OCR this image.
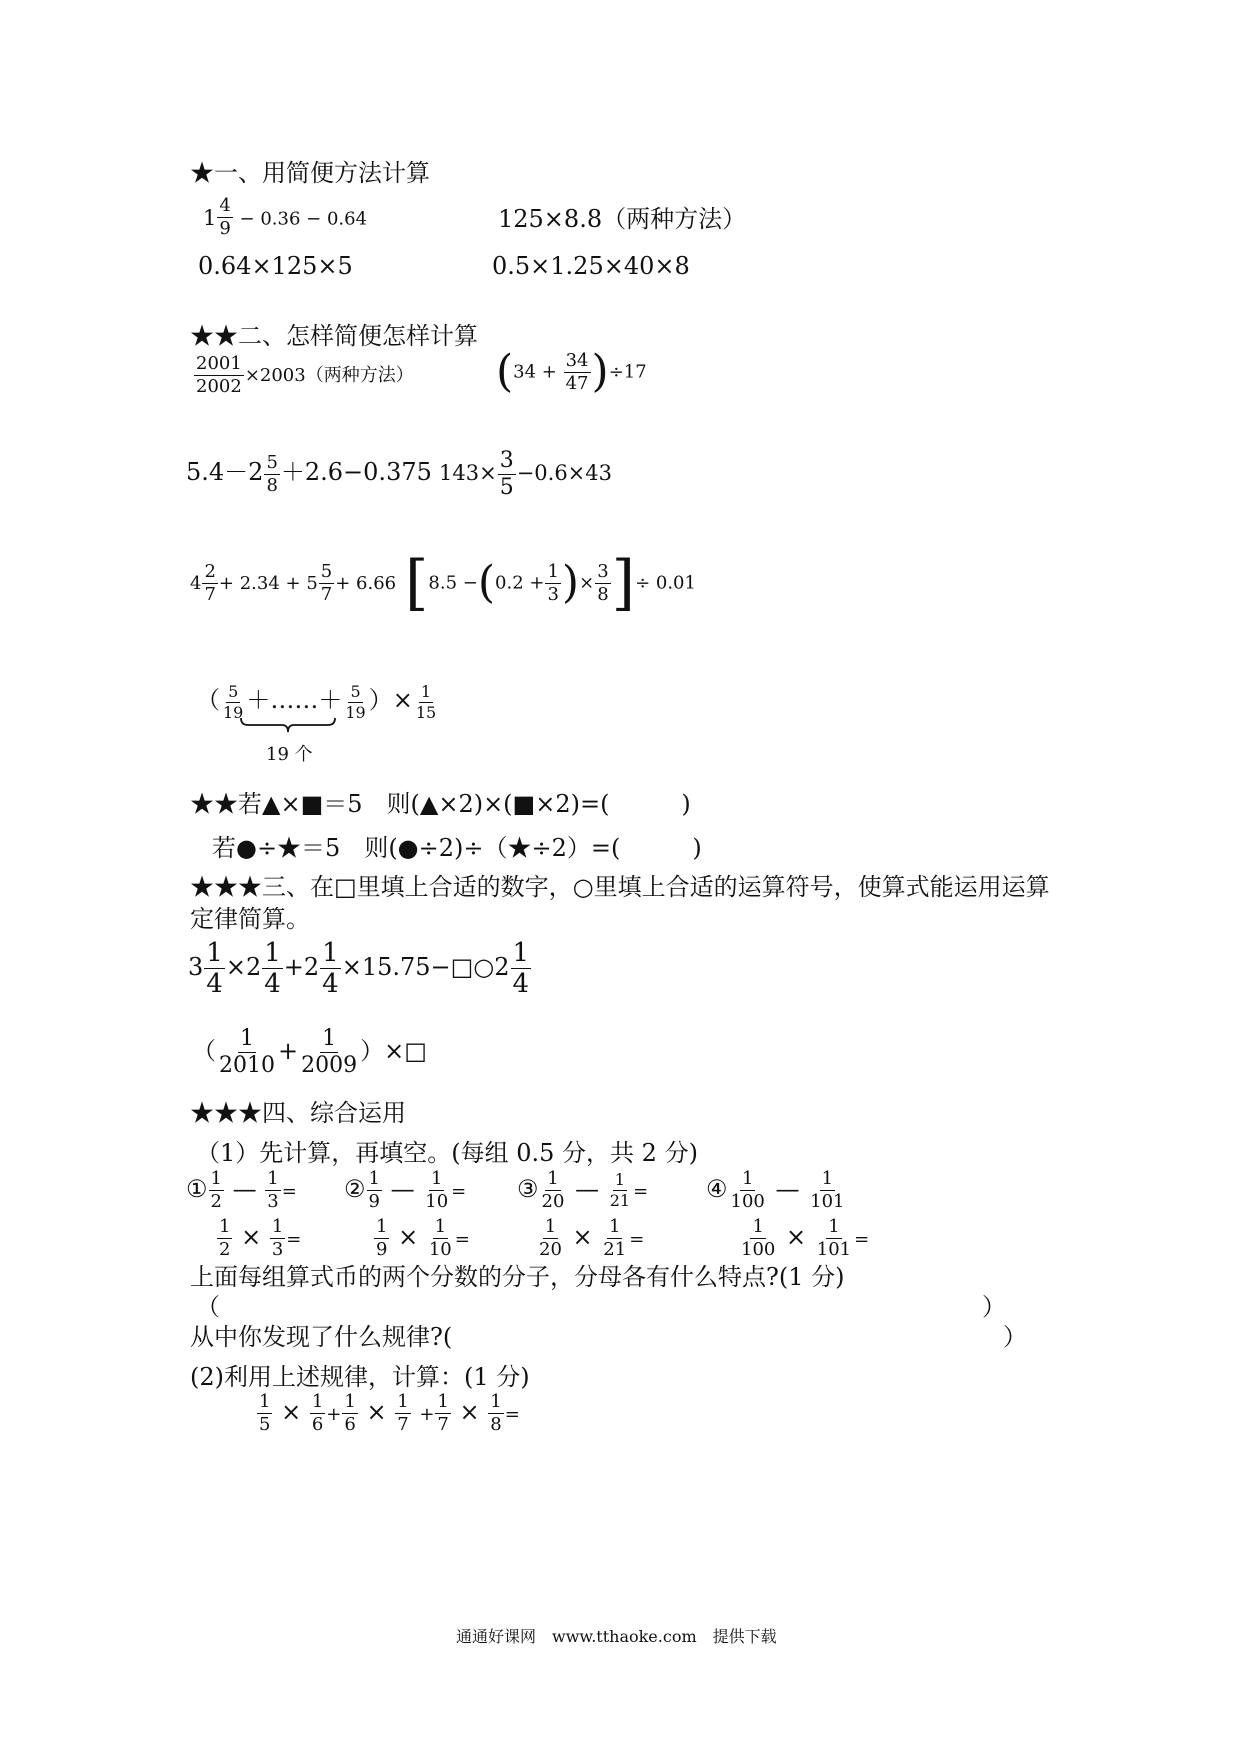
★一、用简便方法计算
$1 \frac{4}{9} - 0.36 - 0.64$	125×8.8（两种方法）
0.64×125×5	0.5×1.25×40×8
★★二、怎样简便怎样计算
$\frac{2001}{2002} \times 2003$（两种方法） $(34 + \frac{34}{47} )\div 17$
$5.4-2 \frac{5}{8} +2.6-0.375$ $143\times \frac{3}{5} -0.6\times 43$
$4 \frac{2}{7} + 2.34 + 5 \frac{5}{7} + 6.66$ [$8.5 -(0.2 + \frac{1}{3}$ )× $\frac{3}{8}$ ]÷ 0.01
（ $\frac{5}{19}$ ＋……＋ $\frac{5}{19}$ ）× $\frac{1}{15}$
19 个
★★若▲×■＝5　则(▲×2)×(■×2)=(　　　)
若●÷★＝5　则(●÷2)÷（★÷2）=(　　　)
★★★三、在□里填上合适的数字，○里填上合适的运算符号，使算式能运用运算
定律简算。
$3 \frac{1}{4} \times 2 \frac{1}{4} +2 \frac{1}{4}$ ×15.75−□○2 $\frac{1}{4}$
（ $\frac{1}{2010} + \frac{1}{2009}$ ）×□
★★★四、综合运用
（1）先计算，再填空。(每组 0.5 分，共 2 分)
① $\frac{1}{2}$ — $\frac{1}{3}$ = ② $\frac{1}{9}$ — $\frac{1}{10}$ = ③ $\frac{1}{20}$ — $\frac{1}{21}$ = ④ $\frac{1}{100}$ — $\frac{1}{101}$
$\frac{1}{2} \times \frac{1}{3}$ =	$\frac{1}{9} \times \frac{1}{10}$ =	$\frac{1}{20} \times \frac{1}{21}$ =	$\frac{1}{100} \times \frac{1}{101}$ =
上面每组算式币的两个分数的分子，分母各有什么特点?(1 分)
（	）
从中你发现了什么规律?(	）
(2)利用上述规律，计算：(1 分)
$\frac{1}{5} \times \frac{1}{6} + \frac{1}{6} \times \frac{1}{7} + \frac{1}{7} \times \frac{1}{8}$ =
通通好课网　www.tthaoke.com　提供下载
